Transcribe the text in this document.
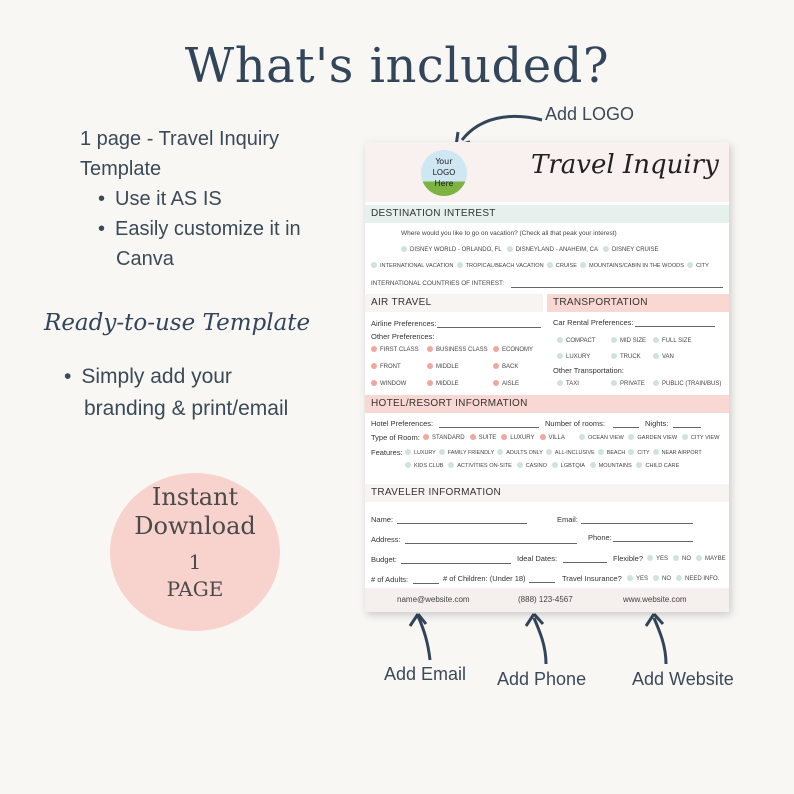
What's included?
1 page - Travel Inquiry
Template
• Use it AS IS
• Easily customize it in
Canva
Ready-to-use Template
• Simply add your
branding & print/email
Instant
Download
1
PAGE
Add LOGO
Add Email Add Phone	Add Website
Your
LOGO
Here
Travel Inquiry
DESTINATION INTEREST
Where would you like to go on vacation? (Check all that peak your interest)
DISNEY WORLD - ORLANDO, FL DISNEYLAND - ANAHEIM, CA DISNEY CRUISE
INTERNATIONAL VACATION TROPICAL/BEACH VACATION CRUISE MOUNTAINS/CABIN IN THE WOODS CITY
INTERNATIONAL COUNTRIES OF INTEREST:
AIR TRAVEL	TRANSPORTATION
Airline Preferences:
Other Preferences:
FIRST CLASS	BUSINESS CLASS	ECONOMY
FRONT	MIDDLE	BACK
WINDOW	MIDDLE	AISLE
Car Rental Preferences:
COMPACT	MID SIZE	FULL SIZE
LUXURY	TRUCK	VAN
Other Transportation:
TAXI	PRIVATE	PUBLIC (TRAIN/BUS)
HOTEL/RESORT INFORMATION
Hotel Preferences:	Number of rooms:	Nights:
Type of Room:	STANDARD SUITE LUXURY VILLA	OCEAN VIEW GARDEN VIEW CITY VIEW
Features:	LUXURY FAMILY FRIENDLY ADULTS ONLY ALL-INCLUSIVE BEACH CITY NEAR AIRPORT
KIDS CLUB ACTIVITIES ON-SITE CASINO LGBTQIA MOUNTAINS CHILD CARE
TRAVELER INFORMATION
Name:	Email:
Address:	Phone:
Budget:	Ideal Dates:	Flexible?	YES NO MAYBE
# of Adults:	# of Children: (Under 18)	Travel Insurance?	YES NO NEED INFO.
name@website.com	(888) 123-4567	www.website.com
